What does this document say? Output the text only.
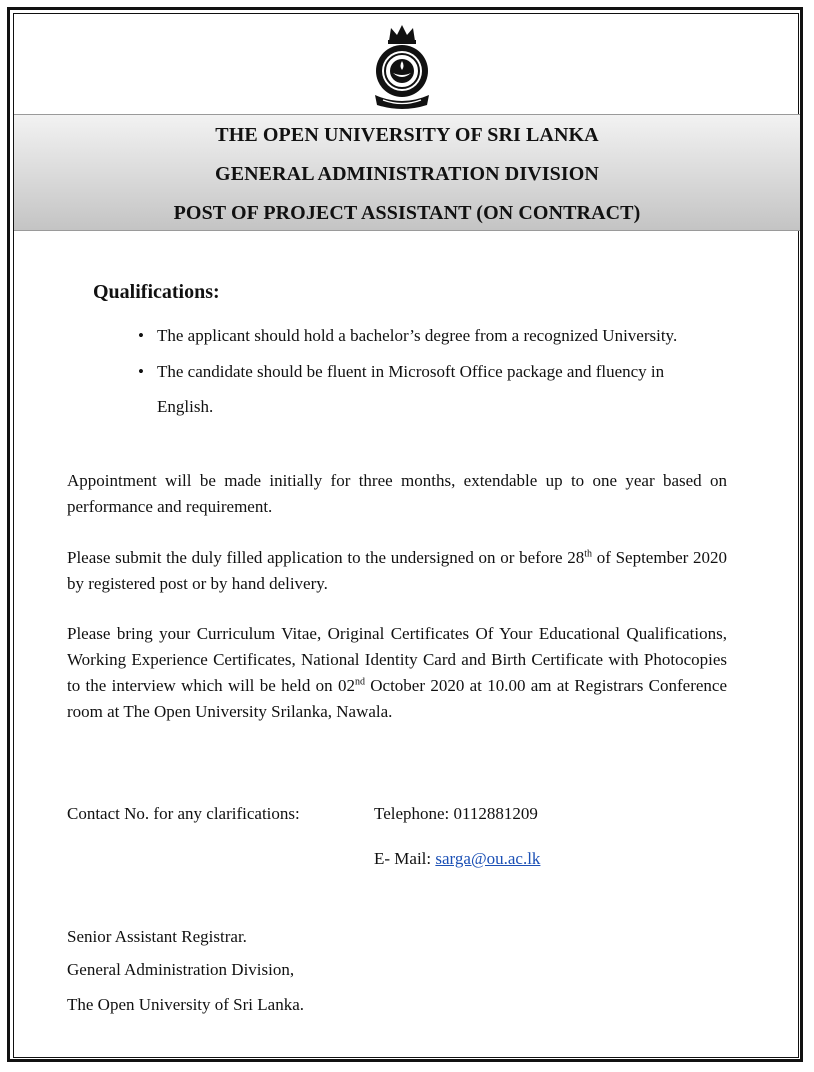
THE OPEN UNIVERSITY OF SRI LANKA
GENERAL ADMINISTRATION DIVISION
POST OF PROJECT ASSISTANT (ON CONTRACT)
Qualifications:
• The applicant should hold a bachelor’s degree from a recognized University.
• The candidate should be fluent in Microsoft Office package and fluency in English.

Appointment will be made initially for three months, extendable up to one year based on performance and requirement.

Please submit the duly filled application to the undersigned on or before 28th of September 2020 by registered post or by hand delivery.

Please bring your Curriculum Vitae, Original Certificates Of Your Educational Qualifications, Working Experience Certificates, National Identity Card and Birth Certificate with Photocopies to the interview which will be held on 02nd October 2020 at 10.00 am at Registrars Conference room at The Open University Srilanka, Nawala.

Contact No. for any clarifications:	Telephone: 0112881209
E- Mail: sarga@ou.ac.lk
Senior Assistant Registrar.
General Administration Division,
The Open University of Sri Lanka.
